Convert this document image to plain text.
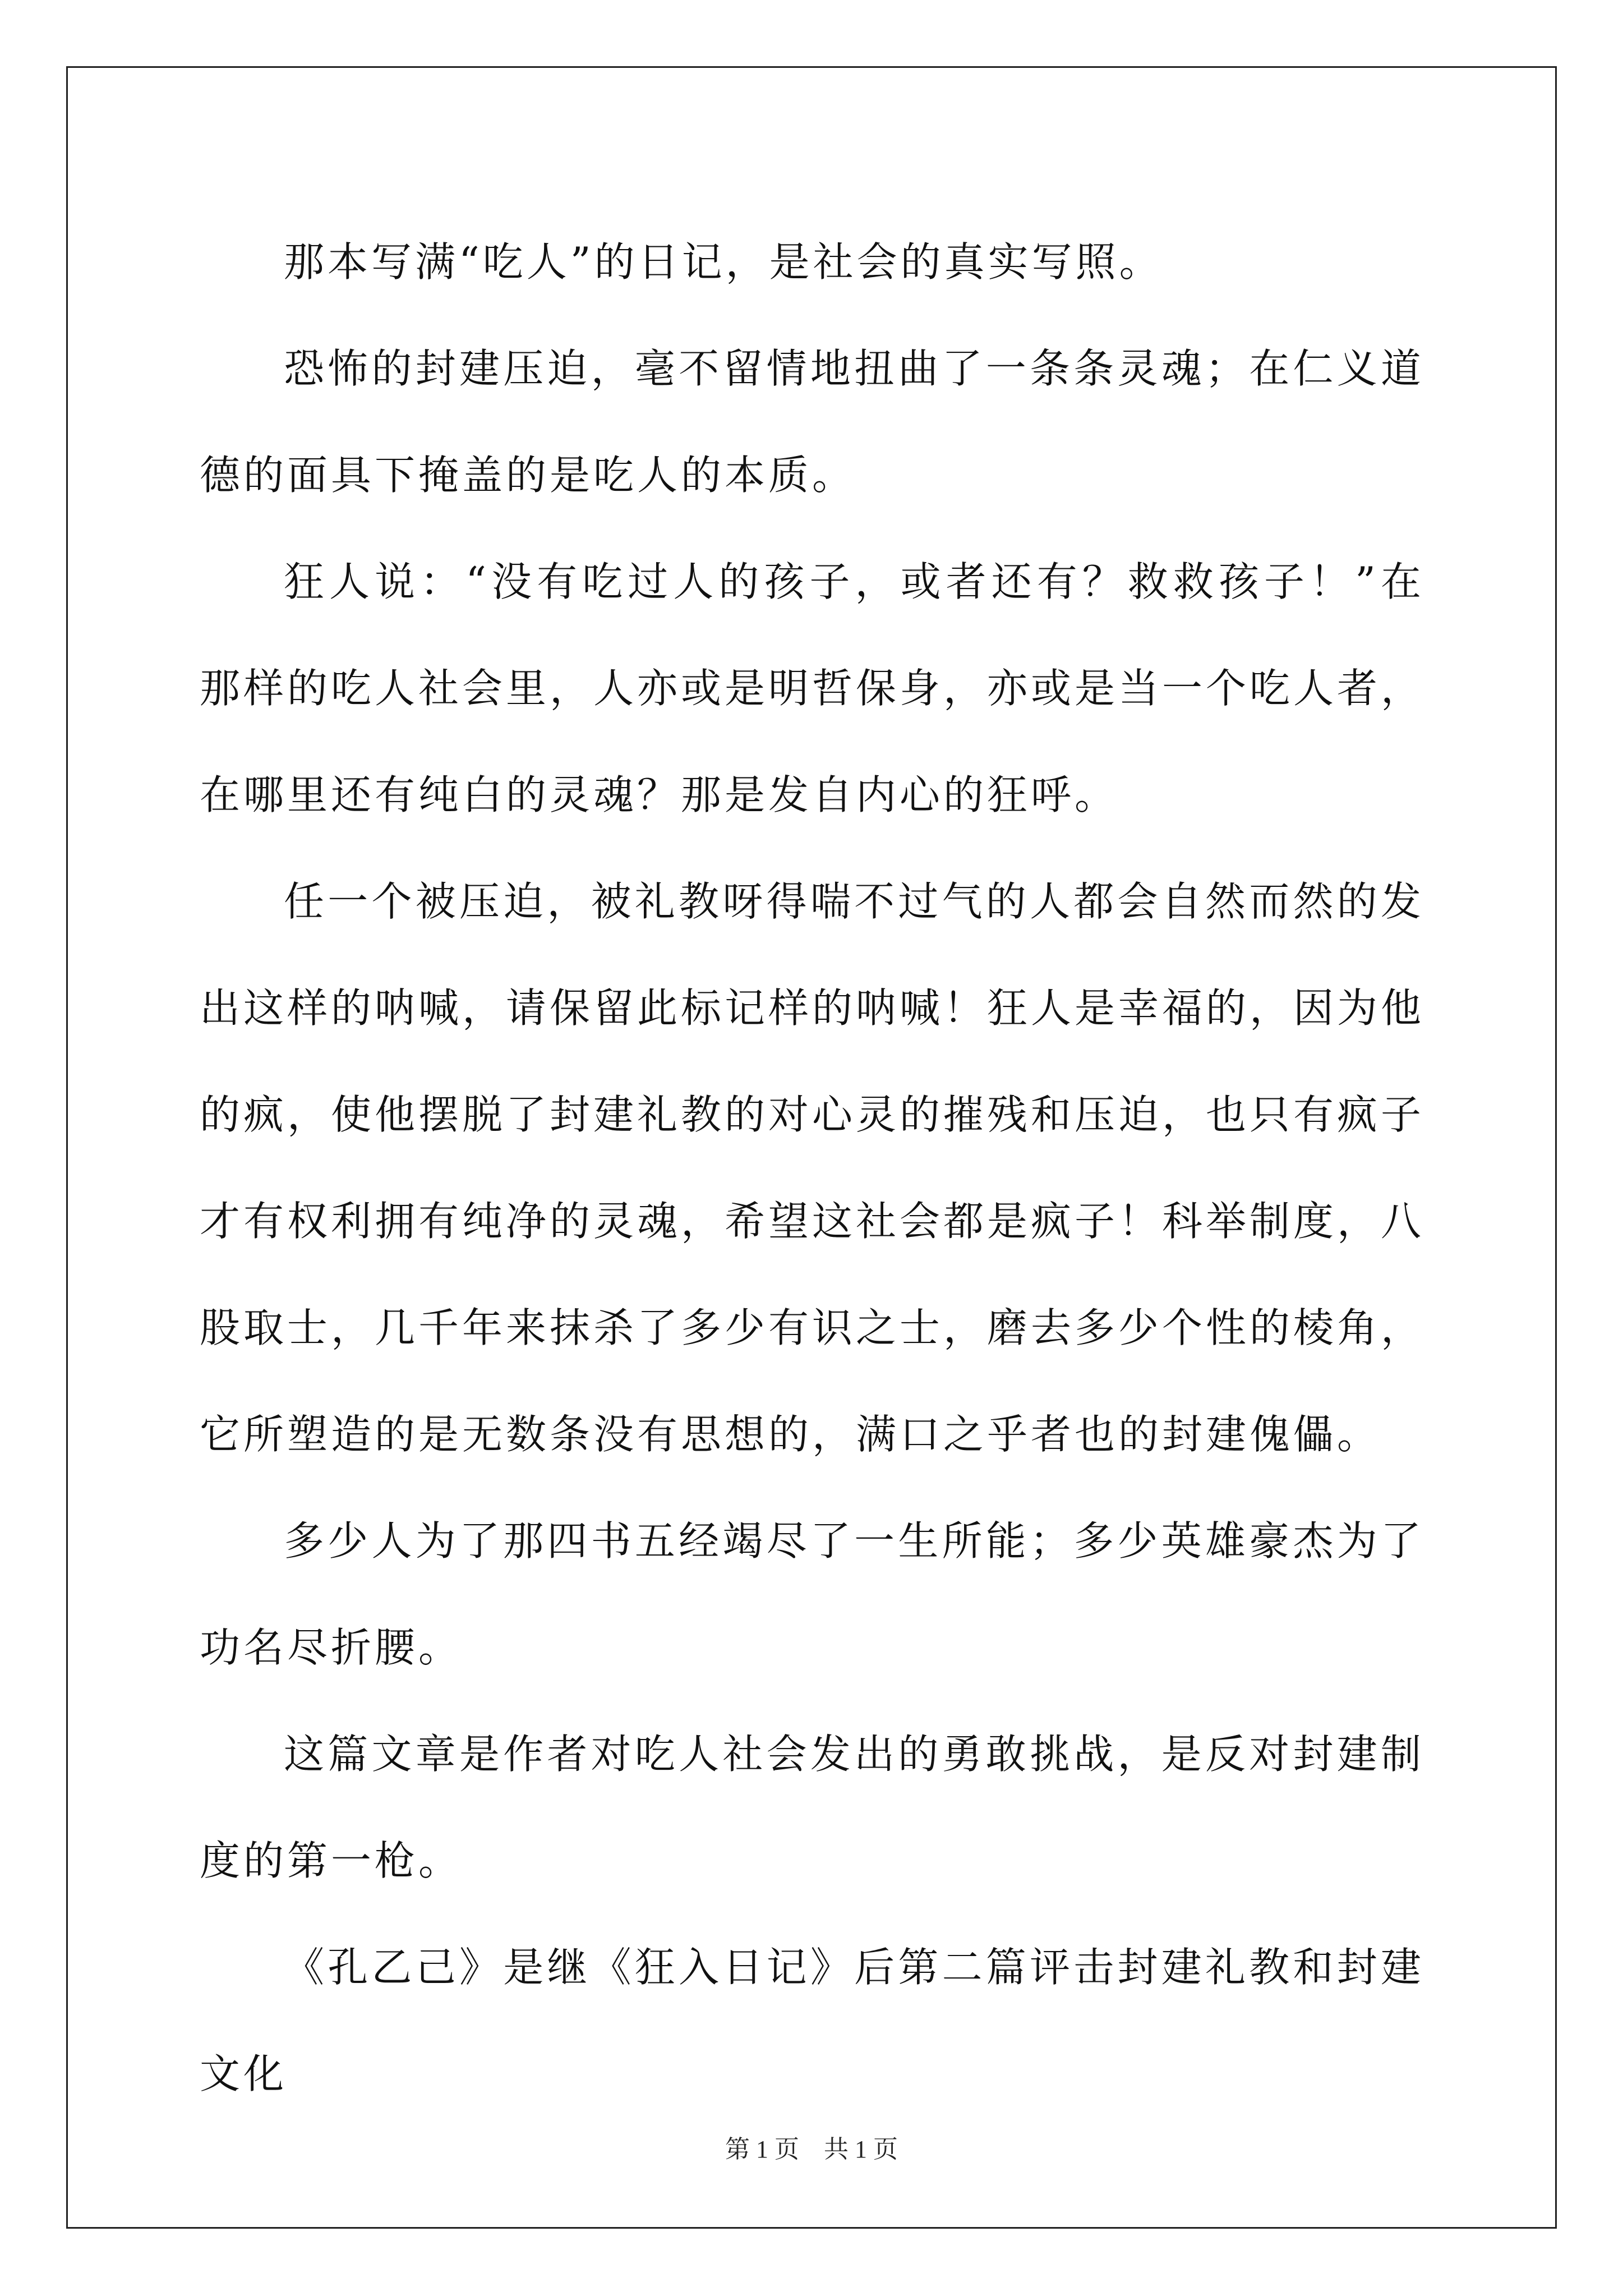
那本写满“吃人”的日记，是社会的真实写照。

恐怖的封建压迫，毫不留情地扭曲了一条条灵魂；在仁义道德的面具下掩盖的是吃人的本质。

狂人说：“没有吃过人的孩子，或者还有？救救孩子！”在那样的吃人社会里，人亦或是明哲保身，亦或是当一个吃人者，在哪里还有纯白的灵魂？那是发自内心的狂呼。

任一个被压迫，被礼教呀得喘不过气的人都会自然而然的发出这样的呐喊，请保留此标记样的呐喊！狂人是幸福的，因为他的疯，使他摆脱了封建礼教的对心灵的摧残和压迫，也只有疯子才有权利拥有纯净的灵魂，希望这社会都是疯子！科举制度，八股取士，几千年来抹杀了多少有识之士，磨去多少个性的棱角，它所塑造的是无数条没有思想的，满口之乎者也的封建傀儡。

多少人为了那四书五经竭尽了一生所能；多少英雄豪杰为了功名尽折腰。

这篇文章是作者对吃人社会发出的勇敢挑战，是反对封建制度的第一枪。

《孔乙己》是继《狂入日记》后第二篇评击封建礼教和封建文化

第 1 页　共 1 页
